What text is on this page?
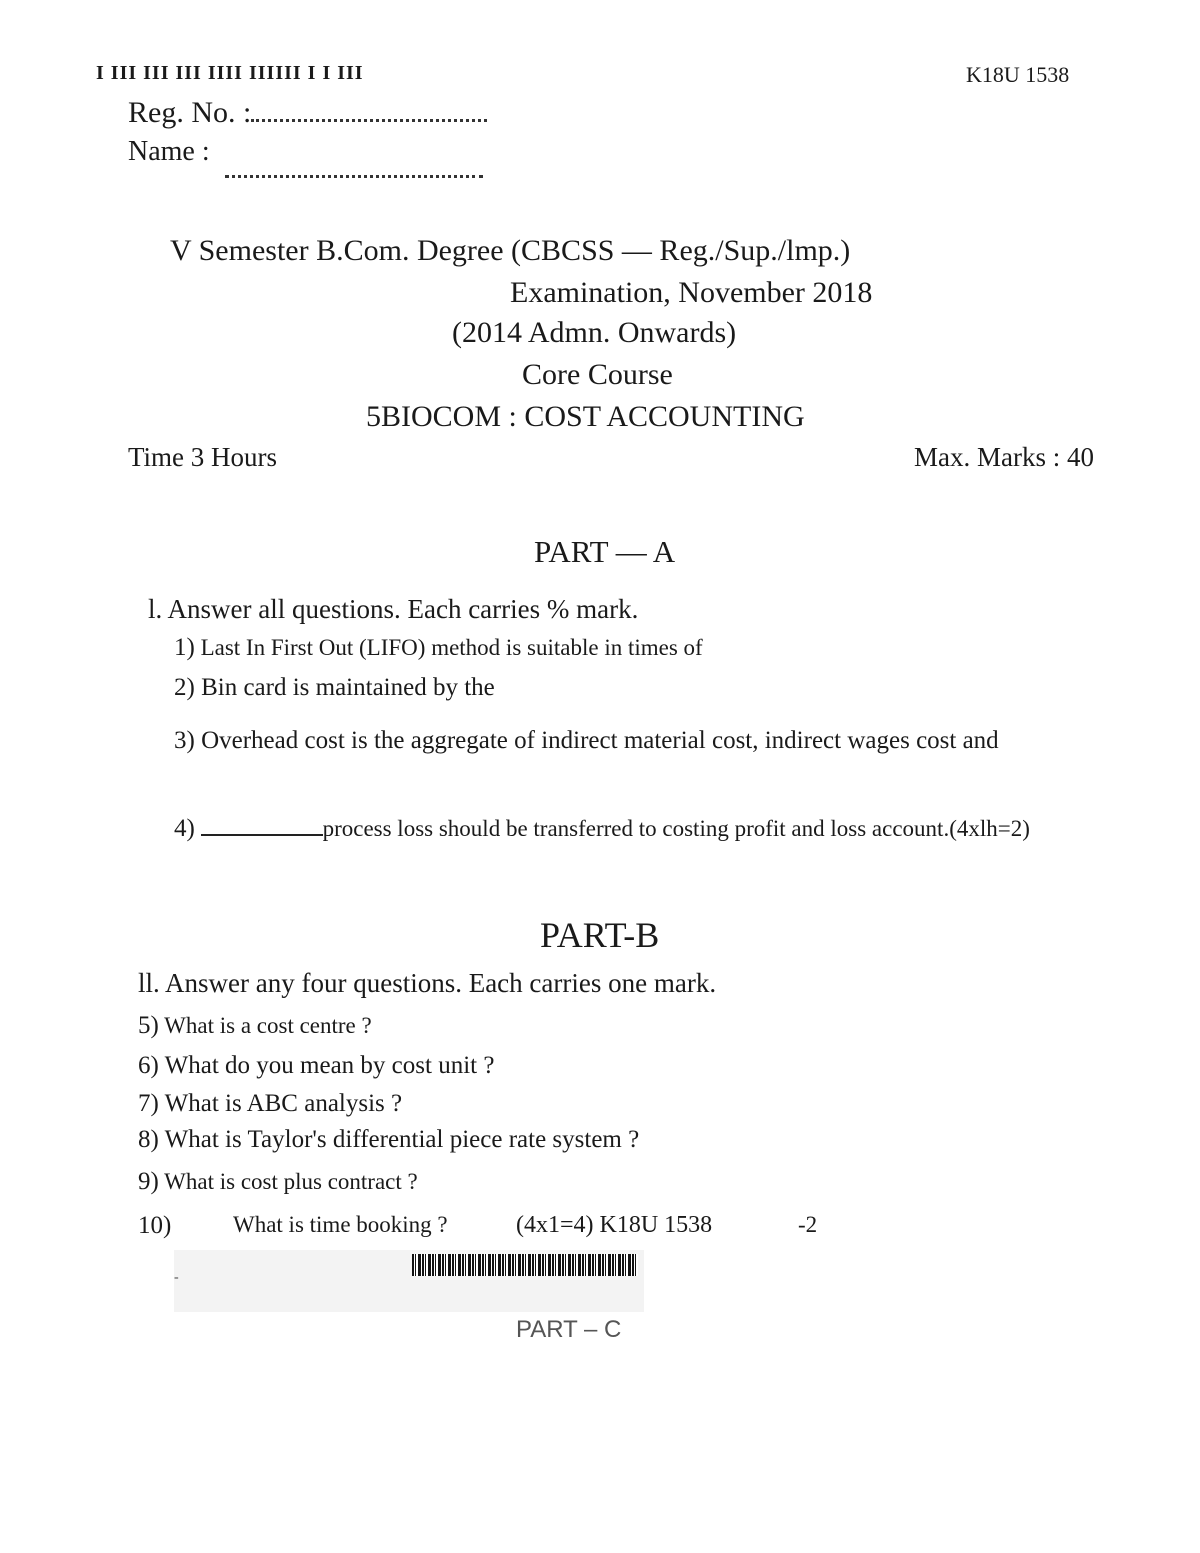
I III III III IIII IIIIII I I III	K18U 1538
Reg. No. :
Name :
V Semester B.Com. Degree (CBCSS — Reg./Sup./lmp.)
Examination, November 2018
(2014 Admn. Onwards)
Core Course
5BIOCOM : COST ACCOUNTING
Time 3 Hours	Max. Marks : 40
PART — A
l. Answer all questions. Each carries % mark.
1) Last In First Out (LIFO) method is suitable in times of
2) Bin card is maintained by the
3) Overhead cost is the aggregate of indirect material cost, indirect wages cost and
4)	process loss should be transferred to costing profit and loss account.(4xlh=2)
PART-B
ll. Answer any four questions. Each carries one mark.
5) What is a cost centre ?
6) What do you mean by cost unit ?
7) What is ABC analysis ?
8) What is Taylor's differential piece rate system ?
9) What is cost plus contract ?
10)	What is time booking ?	(4x1=4) K18U 1538	-2
-
PART – C
